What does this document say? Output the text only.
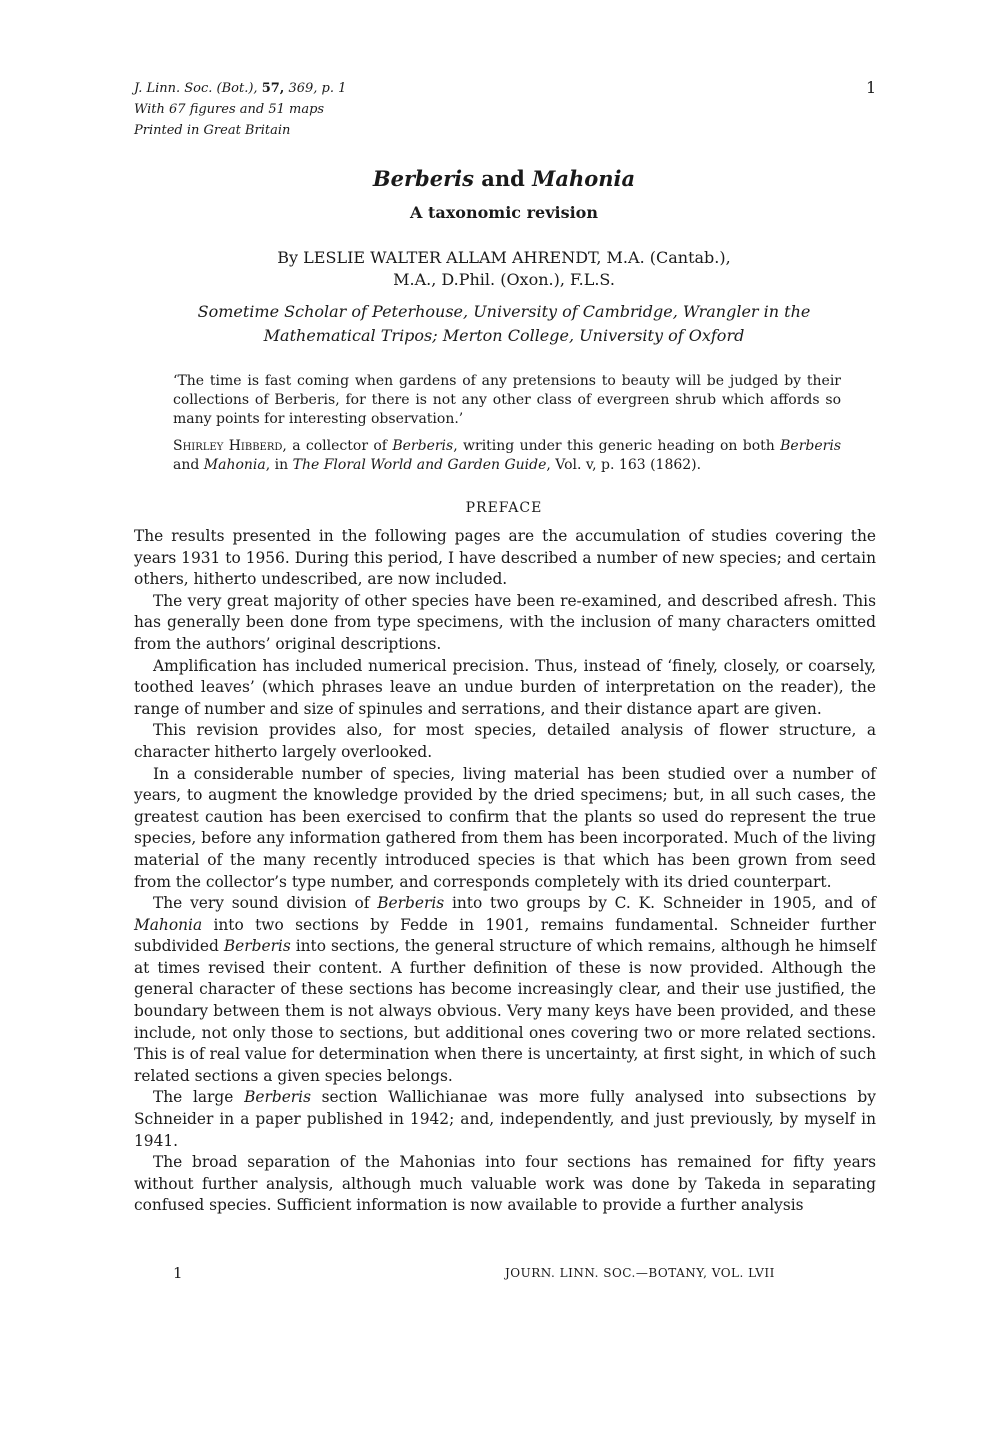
J. Linn. Soc. (Bot.), 57, 369, p. 1
With 67 figures and 51 maps
Printed in Great Britain
1
Berberis and Mahonia
A taxonomic revision
By LESLIE WALTER ALLAM AHRENDT, M.A. (Cantab.),
M.A., D.Phil. (Oxon.), F.L.S.
Sometime Scholar of Peterhouse, University of Cambridge, Wrangler in the
Mathematical Tripos; Merton College, University of Oxford
‘The time is fast coming when gardens of any pretensions to beauty will be judged by their collections of Berberis, for there is not any other class of evergreen shrub which affords so many points for interesting observation.’
Shirley Hibberd, a collector of Berberis, writing under this generic heading on both Berberis and Mahonia, in The Floral World and Garden Guide, Vol. v, p. 163 (1862).
PREFACE

The results presented in the following pages are the accumulation of studies covering the years 1931 to 1956. During this period, I have described a number of new species; and certain others, hitherto undescribed, are now included.

The very great majority of other species have been re-examined, and described afresh. This has generally been done from type specimens, with the inclusion of many characters omitted from the authors’ original descriptions.

Amplification has included numerical precision. Thus, instead of ‘finely, closely, or coarsely, toothed leaves’ (which phrases leave an undue burden of interpretation on the reader), the range of number and size of spinules and serrations, and their distance apart are given.

This revision provides also, for most species, detailed analysis of flower structure, a character hitherto largely overlooked.

In a considerable number of species, living material has been studied over a number of years, to augment the knowledge provided by the dried specimens; but, in all such cases, the greatest caution has been exercised to confirm that the plants so used do represent the true species, before any information gathered from them has been incorporated. Much of the living material of the many recently introduced species is that which has been grown from seed from the collector’s type number, and corresponds completely with its dried counterpart.

The very sound division of Berberis into two groups by C. K. Schneider in 1905, and of Mahonia into two sections by Fedde in 1901, remains fundamental. Schneider further subdivided Berberis into sections, the general structure of which remains, although he himself at times revised their content. A further definition of these is now provided. Although the general character of these sections has become increasingly clear, and their use justified, the boundary between them is not always obvious. Very many keys have been provided, and these include, not only those to sections, but additional ones covering two or more related sections. This is of real value for determination when there is uncertainty, at first sight, in which of such related sections a given species belongs.

The large Berberis section Wallichianae was more fully analysed into subsections by Schneider in a paper published in 1942; and, independently, and just previously, by myself in 1941.

The broad separation of the Mahonias into four sections has remained for fifty years without further analysis, although much valuable work was done by Takeda in separating confused species. Sufficient information is now available to provide a further analysis

1	JOURN. LINN. SOC.—BOTANY, VOL. LVII
